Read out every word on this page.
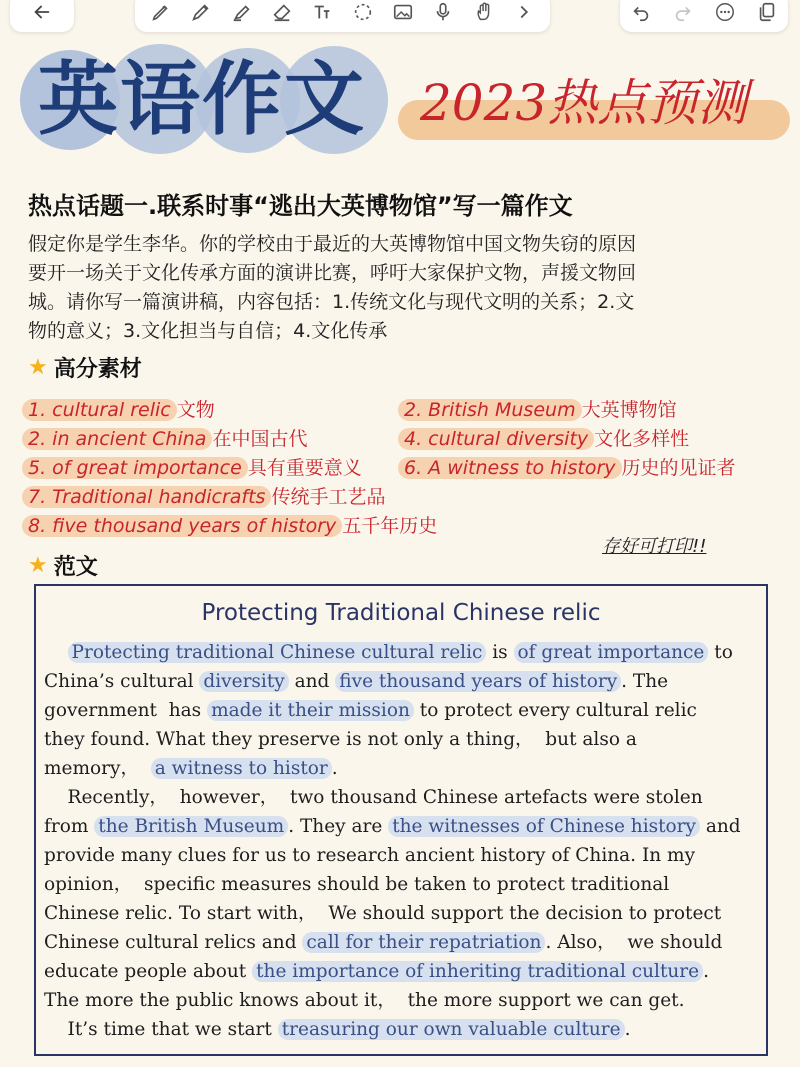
英语作文 2023热点预测
热点话题一.联系时事“逃出大英博物馆”写一篇作文
假定你是学生李华。你的学校由于最近的大英博物馆中国文物失窃的原因
要开一场关于文化传承方面的演讲比赛，呼吁大家保护文物，声援文物回
城。请你写一篇演讲稿，内容包括：1.传统文化与现代文明的关系；2.文
物的意义；3.文化担当与自信；4.文化传承
★ 高分素材
1. cultural relic 文物	2. British Museum 大英博物馆
2. in ancient China 在中国古代	4. cultural diversity 文化多样性
5. of great importance 具有重要意义	6. A witness to history 历史的见证者
7. Traditional handicrafts 传统手工艺品
8. five thousand years of history 五千年历史
存好可打印!!
★ 范文
Protecting Traditional Chinese relic
Protecting traditional Chinese cultural relic is of great importance to
China’s cultural diversity and five thousand years of history . The
government  has made it their mission to protect every cultural relic
they found. What they preserve is not only a thing，  but also a
memory，  a witness to histor .
Recently，  however，  two thousand Chinese artefacts were stolen
from the British Museum . They are the witnesses of Chinese history and
provide many clues for us to research ancient history of China. In my
opinion，  specific measures should be taken to protect traditional
Chinese relic. To start with，  We should support the decision to protect
Chinese cultural relics and call for their repatriation . Also，  we should
educate people about the importance of inheriting traditional culture .
The more the public knows about it，  the more support we can get.
It’s time that we start treasuring our own valuable culture .
